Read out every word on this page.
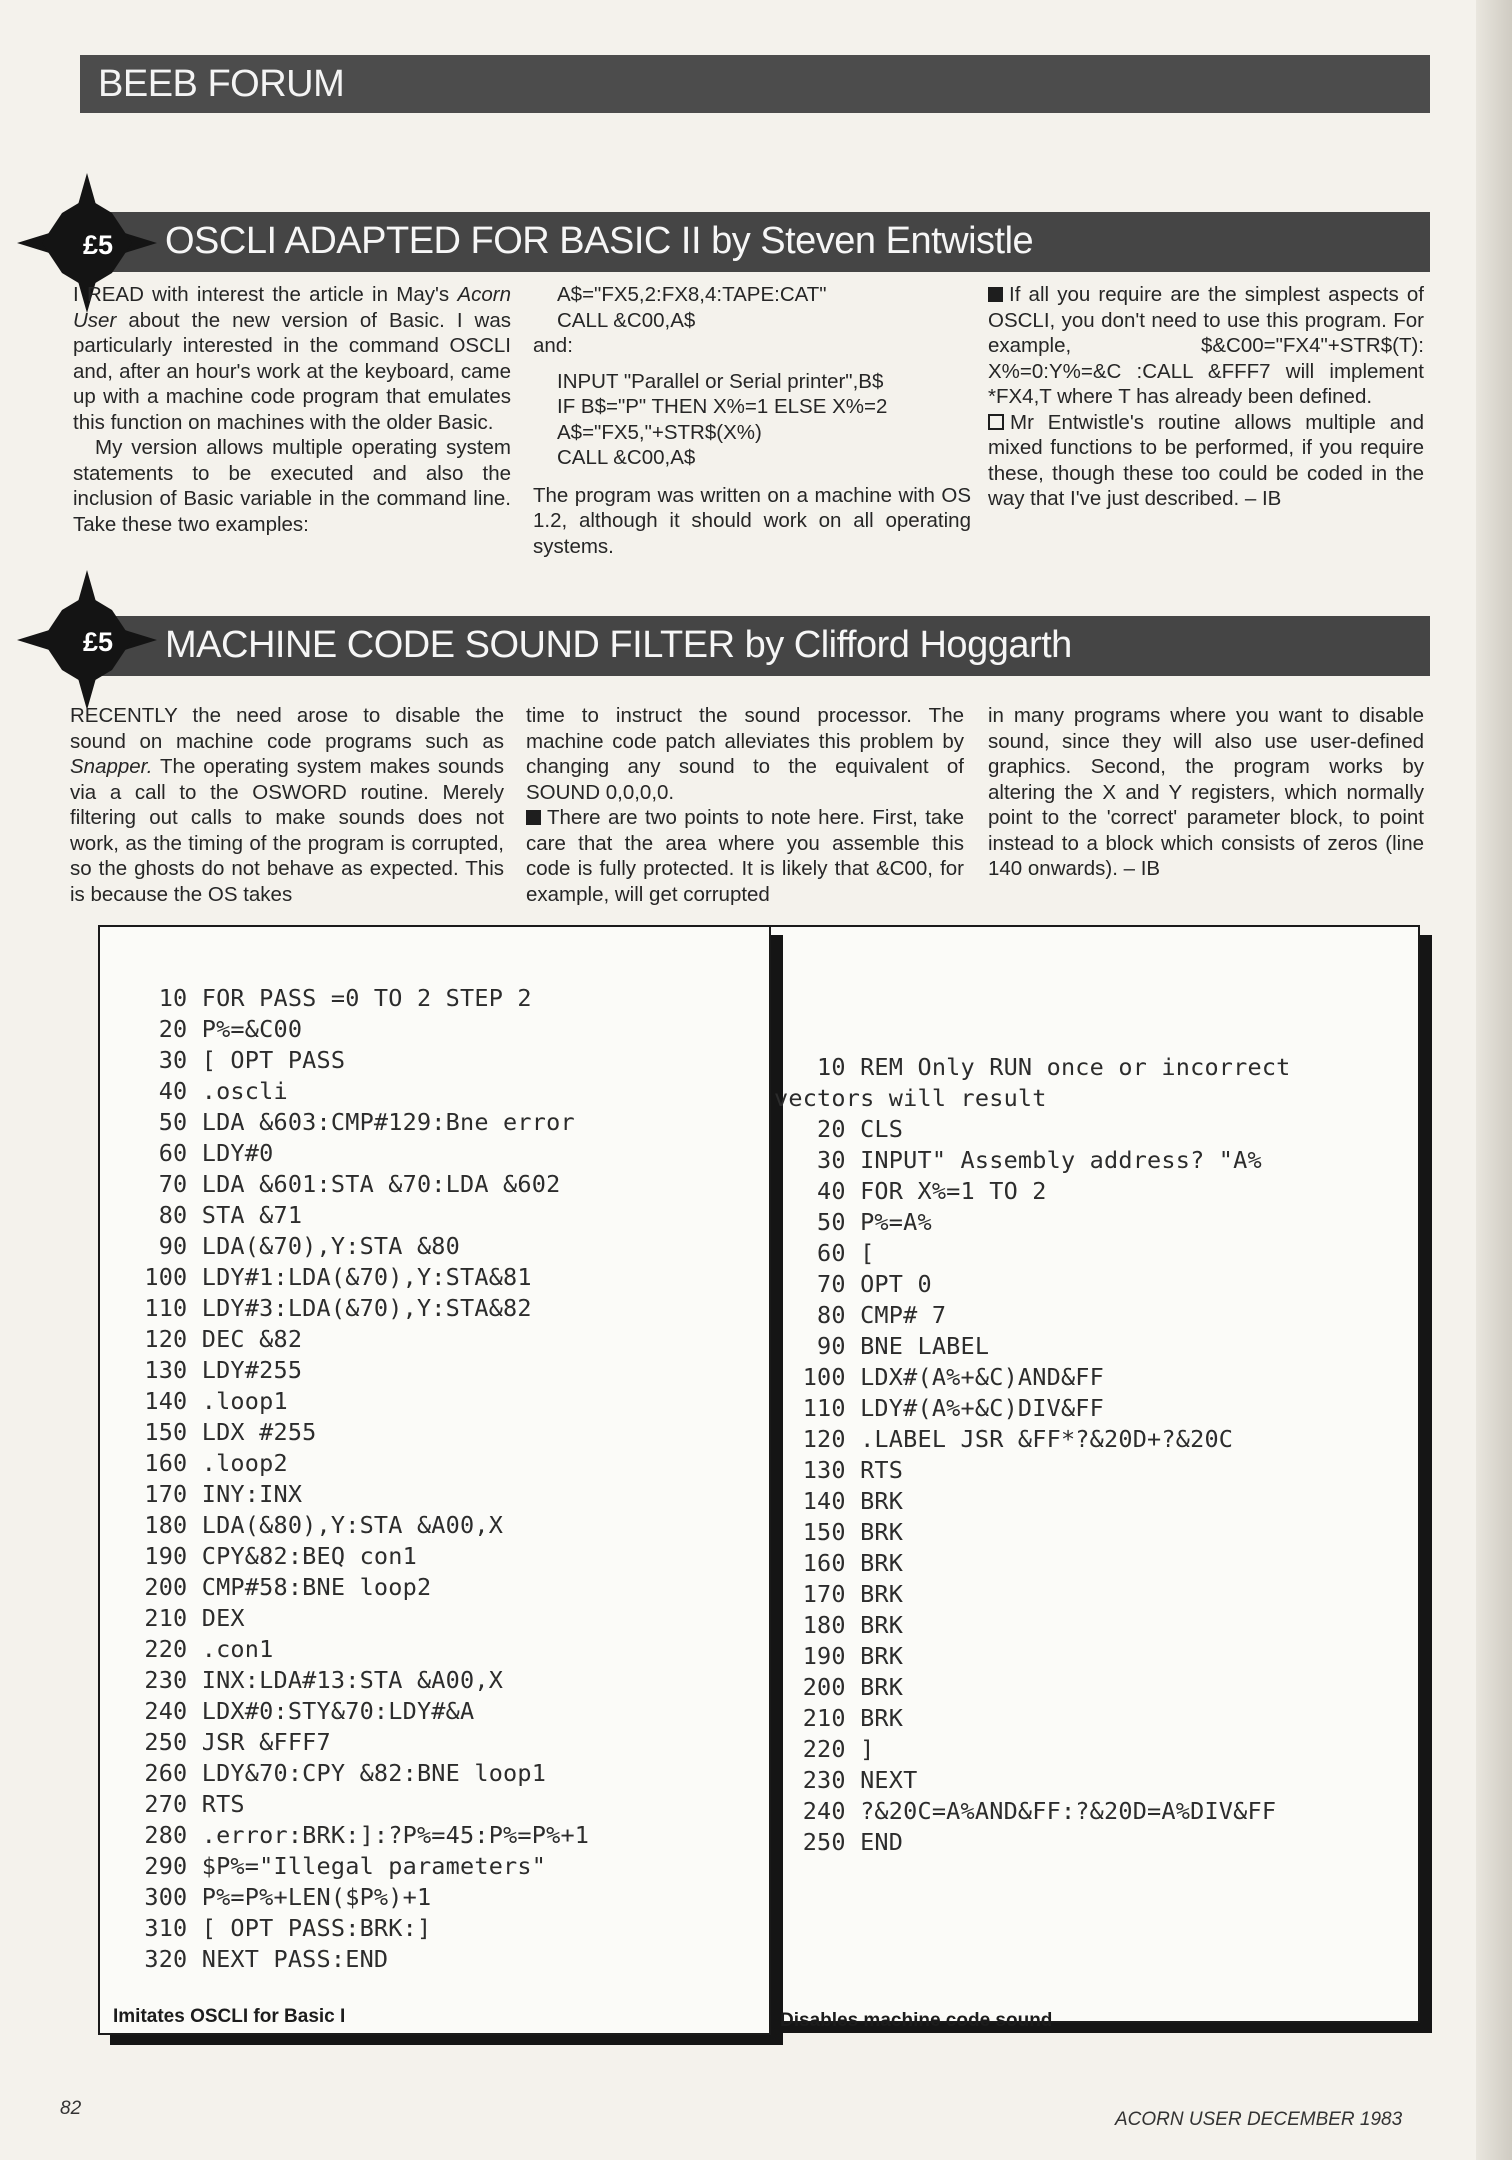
BEEB FORUM
OSCLI ADAPTED FOR BASIC II by Steven Entwistle
£5

I READ with interest the article in May's Acorn User about the new version of Basic. I was particularly interested in the command OSCLI and, after an hour's work at the keyboard, came up with a machine code program that emulates this function on machines with the older Basic.

My version allows multiple operating system statements to be executed and also the inclusion of Basic variable in the command line. Take these two examples:

A$="FX5,2:FX8,4:TAPE:CAT"

CALL &C00,A$

and:

INPUT "Parallel or Serial printer",B$

IF B$="P" THEN X%=1 ELSE X%=2

A$="FX5,"+STR$(X%)

CALL &C00,A$

The program was written on a machine with OS 1.2, although it should work on all operating systems.

If all you require are the simplest aspects of OSCLI, you don't need to use this program. For example, $&C00="FX4"+STR$(T): X%=0:Y%=&C :CALL &FFF7 will implement *FX4,T where T has already been defined.

Mr Entwistle's routine allows multiple and mixed functions to be performed, if you require these, though these too could be coded in the way that I've just described. – IB

MACHINE CODE SOUND FILTER by Clifford Hoggarth
£5

RECENTLY the need arose to disable the sound on machine code programs such as Snapper. The operating system makes sounds via a call to the OSWORD routine. Merely filtering out calls to make sounds does not work, as the timing of the program is corrupted, so the ghosts do not behave as expected. This is because the OS takes

time to instruct the sound processor. The machine code patch alleviates this problem by changing any sound to the equivalent of SOUND 0,0,0,0.

There are two points to note here. First, take care that the area where you assemble this code is fully protected. It is likely that &C00, for example, will get corrupted

in many programs where you want to disable sound, since they will also use user-defined graphics. Second, the program works by altering the X and Y registers, which normally point to the 'correct' parameter block, to point instead to a block which consists of zeros (line 140 onwards). – IB

10 FOR PASS =0 TO 2 STEP 2
20 P%=&C00
30 [ OPT PASS
40 .oscli
50 LDA &603:CMP#129:Bne error
60 LDY#0
70 LDA &601:STA &70:LDA &602
80 STA &71
90 LDA(&70),Y:STA &80
100 LDY#1:LDA(&70),Y:STA&81
110 LDY#3:LDA(&70),Y:STA&82
120 DEC &82
130 LDY#255
140 .loop1
150 LDX #255
160 .loop2
170 INY:INX
180 LDA(&80),Y:STA &A00,X
190 CPY&82:BEQ con1
200 CMP#58:BNE loop2
210 DEX
220 .con1
230 INX:LDA#13:STA &A00,X
240 LDX#0:STY&70:LDY#&A
250 JSR &FFF7
260 LDY&70:CPY &82:BNE loop1
270 RTS
280 .error:BRK:]:?P%=45:P%=P%+1
290 $P%="Illegal parameters"
300 P%=P%+LEN($P%)+1
310 [ OPT PASS:BRK:]
320 NEXT PASS:END
10 REM Only RUN once or incorrect
vectors will result
20 CLS
30 INPUT" Assembly address? "A%
40 FOR X%=1 TO 2
50 P%=A%
60 [
70 OPT 0
80 CMP# 7
90 BNE LABEL
100 LDX#(A%+&C)AND&FF
110 LDY#(A%+&C)DIV&FF
120 .LABEL JSR &FF*?&20D+?&20C
130 RTS
140 BRK
150 BRK
160 BRK
170 BRK
180 BRK
190 BRK
200 BRK
210 BRK
220 ]
230 NEXT
240 ?&20C=A%AND&FF:?&20D=A%DIV&FF
250 END
Imitates OSCLI for Basic I	Disables machine code sound
82
ACORN USER DECEMBER 1983
